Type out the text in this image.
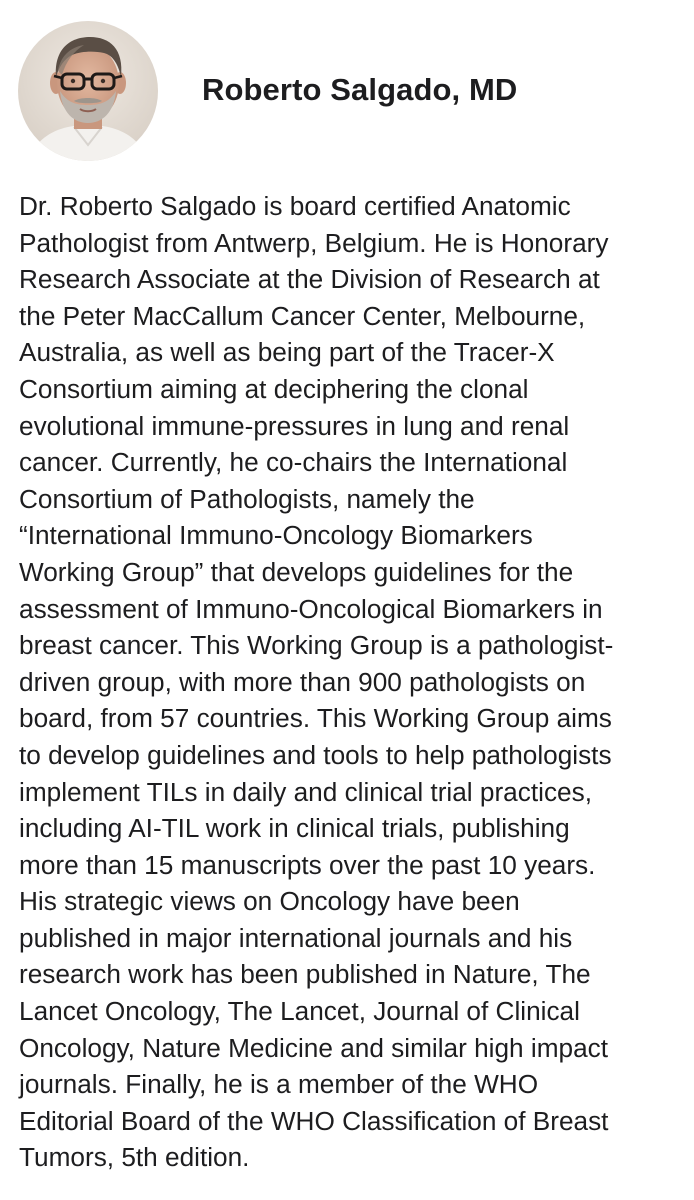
Roberto Salgado, MD

Dr. Roberto Salgado is board certified Anatomic
Pathologist from Antwerp, Belgium. He is Honorary
Research Associate at the Division of Research at
the Peter MacCallum Cancer Center, Melbourne,
Australia, as well as being part of the Tracer-X
Consortium aiming at deciphering the clonal
evolutional immune-pressures in lung and renal
cancer. Currently, he co-chairs the International
Consortium of Pathologists, namely the
“International Immuno-Oncology Biomarkers
Working Group” that develops guidelines for the
assessment of Immuno-Oncological Biomarkers in
breast cancer. This Working Group is a pathologist-
driven group, with more than 900 pathologists on
board, from 57 countries. This Working Group aims
to develop guidelines and tools to help pathologists
implement TILs in daily and clinical trial practices,
including AI-TIL work in clinical trials, publishing
more than 15 manuscripts over the past 10 years.
His strategic views on Oncology have been
published in major international journals and his
research work has been published in Nature, The
Lancet Oncology, The Lancet, Journal of Clinical
Oncology, Nature Medicine and similar high impact
journals. Finally, he is a member of the WHO
Editorial Board of the WHO Classification of Breast
Tumors, 5th edition.
